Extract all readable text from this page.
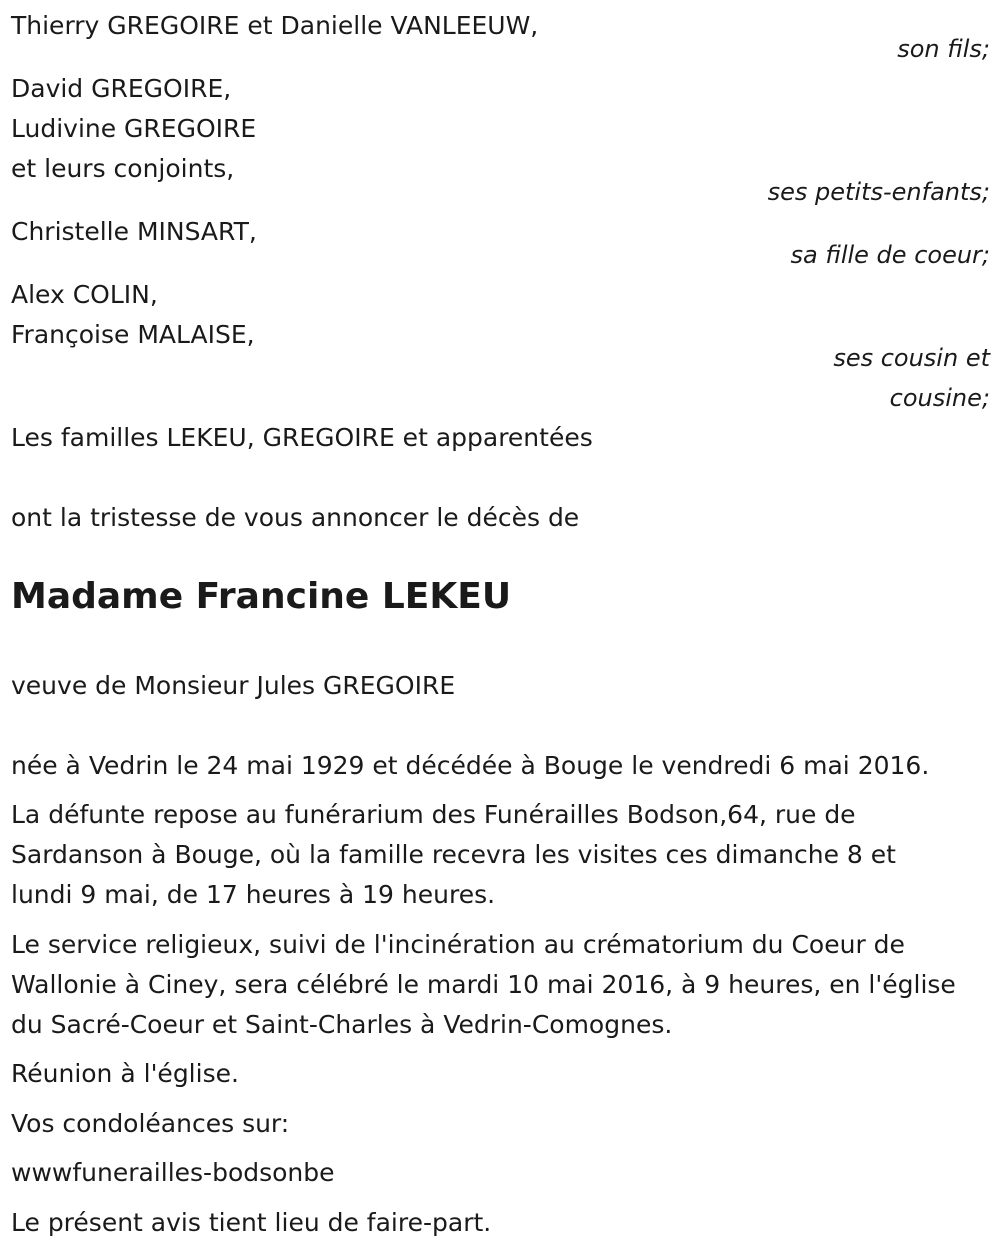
Thierry GREGOIRE et Danielle VANLEEUW,
son fils;
David GREGOIRE,
Ludivine GREGOIRE
et leurs conjoints,
ses petits-enfants;
Christelle MINSART,
sa fille de coeur;
Alex COLIN,
Françoise MALAISE,
ses cousin et
cousine;
Les familles LEKEU, GREGOIRE et apparentées
ont la tristesse de vous annoncer le décès de
Madame Francine LEKEU
veuve de Monsieur Jules GREGOIRE
née à Vedrin le 24 mai 1929 et décédée à Bouge le vendredi 6 mai 2016.
La défunte repose au funérarium des Funérailles Bodson,64, rue de
Sardanson à Bouge, où la famille recevra les visites ces dimanche 8 et
lundi 9 mai, de 17 heures à 19 heures.
Le service religieux, suivi de l'incinération au crématorium du Coeur de
Wallonie à Ciney, sera célébré le mardi 10 mai 2016, à 9 heures, en l'église
du Sacré-Coeur et Saint-Charles à Vedrin-Comognes.
Réunion à l'église.
Vos condoléances sur:
wwwfunerailles-bodsonbe
Le présent avis tient lieu de faire-part.
